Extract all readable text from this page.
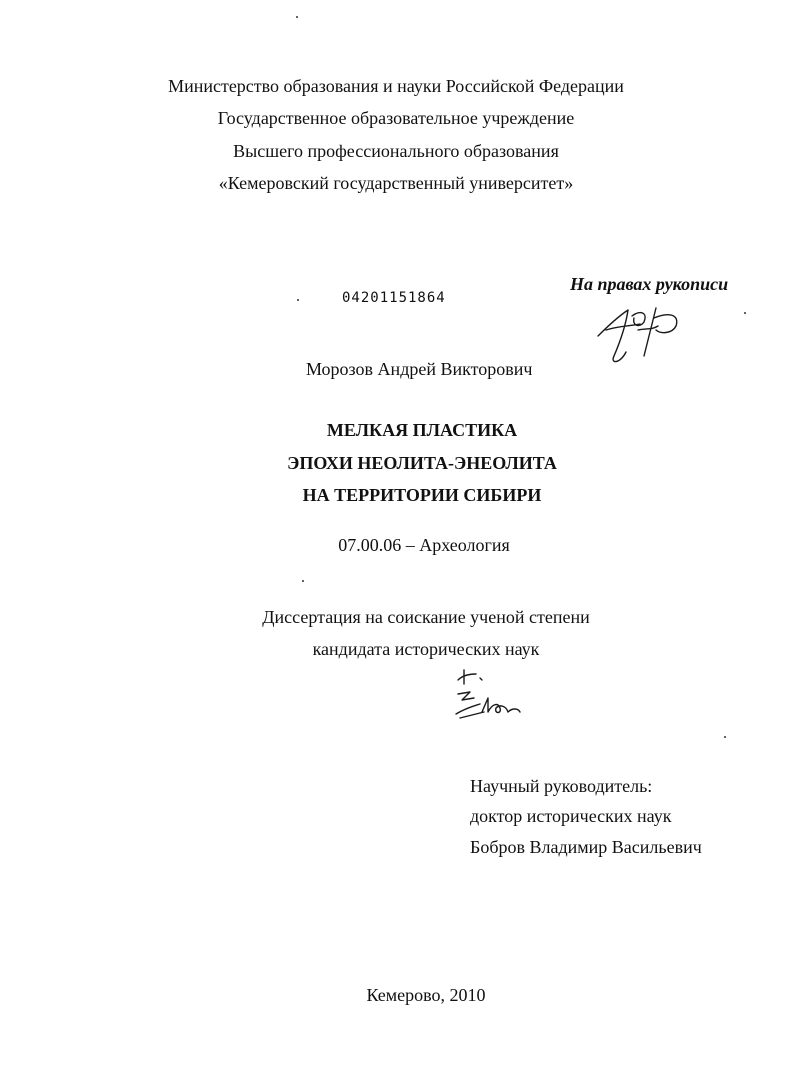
Министерство образования и науки Российской Федерации
Государственное образовательное учреждение
Высшего профессионального образования
«Кемеровский государственный университет»
04201151864
На правах рукописи
Морозов Андрей Викторович
МЕЛКАЯ ПЛАСТИКА
ЭПОХИ НЕОЛИТА-ЭНЕОЛИТА
НА ТЕРРИТОРИИ СИБИРИ
07.00.06 – Археология
Диссертация на соискание ученой степени
кандидата исторических наук
Научный руководитель:
доктор исторических наук
Бобров Владимир Васильевич
Кемерово, 2010
